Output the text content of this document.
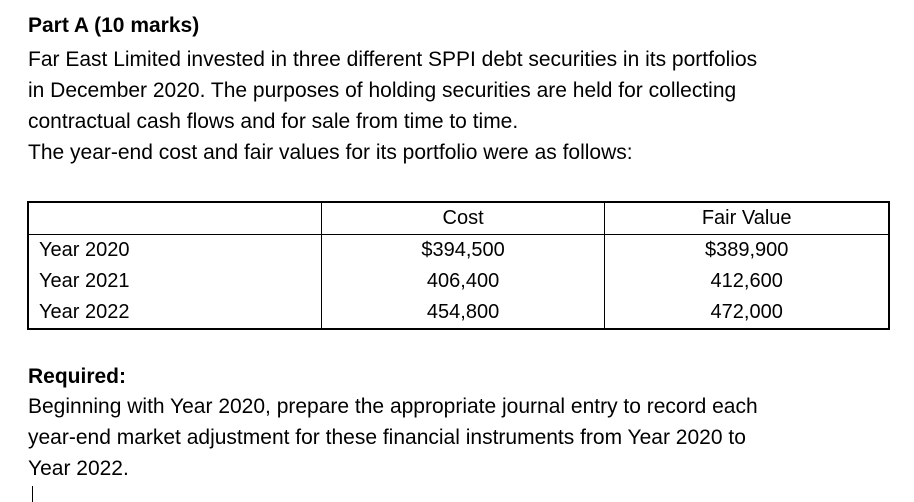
Part A (10 marks)

Far East Limited invested in three different SPPI debt securities in its portfolios
in December 2020. The purposes of holding securities are held for collecting
contractual cash flows and for sale from time to time.
The year-end cost and fair values for its portfolio were as follows:

	Cost	Fair Value
Year 2020	$394,500	$389,900
Year 2021	406,400	412,600
Year 2022	454,800	472,000

Required:

Beginning with Year 2020, prepare the appropriate journal entry to record each
year-end market adjustment for these financial instruments from Year 2020 to
Year 2022.
